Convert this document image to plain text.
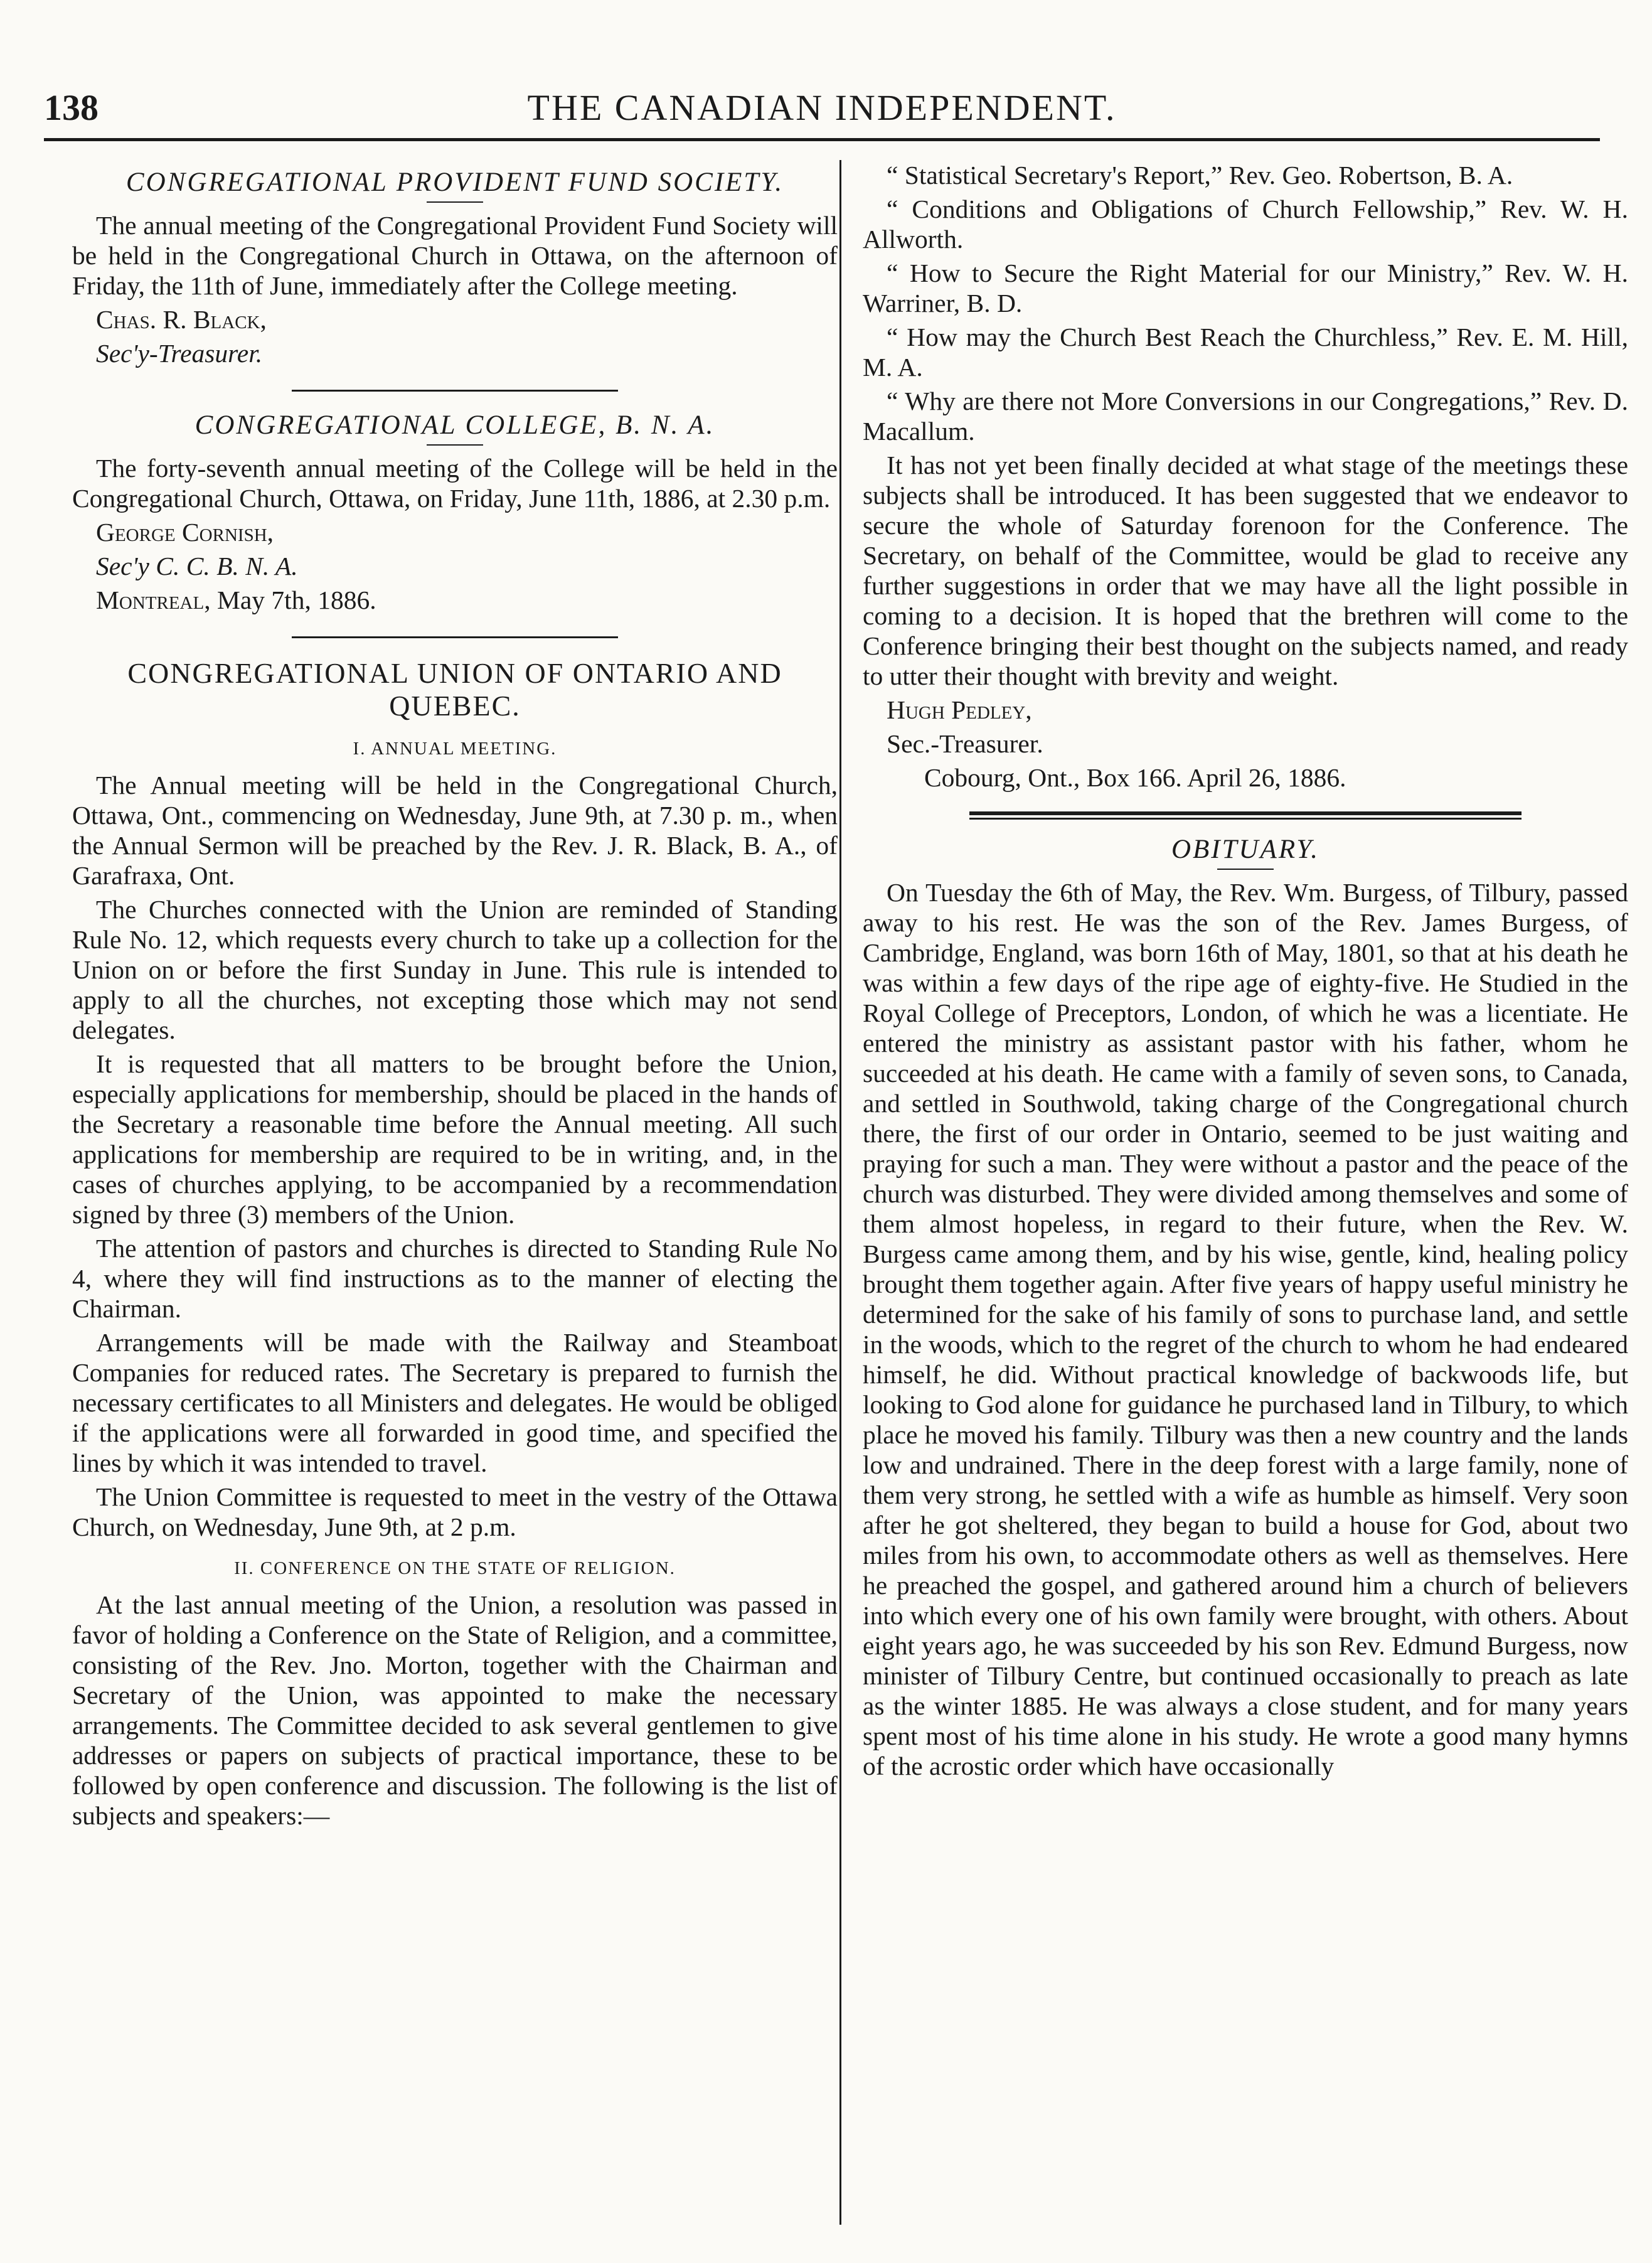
138	THE CANADIAN INDEPENDENT.
CONGREGATIONAL PROVIDENT FUND SOCIETY.

The annual meeting of the Congregational Provident Fund Society will be held in the Congregational Church in Ottawa, on the afternoon of Friday, the 11th of June, immediately after the College meeting.

Chas. R. Black,

Sec'y-Treasurer.

CONGREGATIONAL COLLEGE, B. N. A.

The forty-seventh annual meeting of the College will be held in the Congregational Church, Ottawa, on Friday, June 11th, 1886, at 2.30 p.m.

George Cornish,

Sec'y C. C. B. N. A.

Montreal, May 7th, 1886.

CONGREGATIONAL UNION OF ONTARIO AND QUEBEC.
I. ANNUAL MEETING.

The Annual meeting will be held in the Congregational Church, Ottawa, Ont., commencing on Wednesday, June 9th, at 7.30 p. m., when the Annual Sermon will be preached by the Rev. J. R. Black, B. A., of Garafraxa, Ont.

The Churches connected with the Union are reminded of Standing Rule No. 12, which requests every church to take up a collection for the Union on or before the first Sunday in June. This rule is intended to apply to all the churches, not excepting those which may not send delegates.

It is requested that all matters to be brought before the Union, especially applications for membership, should be placed in the hands of the Secretary a reasonable time before the Annual meeting. All such applications for membership are required to be in writing, and, in the cases of churches applying, to be accompanied by a recommendation signed by three (3) members of the Union.

The attention of pastors and churches is directed to Standing Rule No 4, where they will find instructions as to the manner of electing the Chairman.

Arrangements will be made with the Railway and Steamboat Companies for reduced rates. The Secretary is prepared to furnish the necessary certificates to all Ministers and delegates. He would be obliged if the applications were all forwarded in good time, and specified the lines by which it was intended to travel.

The Union Committee is requested to meet in the vestry of the Ottawa Church, on Wednesday, June 9th, at 2 p.m.

II. CONFERENCE ON THE STATE OF RELIGION.

At the last annual meeting of the Union, a resolution was passed in favor of holding a Conference on the State of Religion, and a committee, consisting of the Rev. Jno. Morton, together with the Chairman and Secretary of the Union, was appointed to make the necessary arrangements. The Committee decided to ask several gentlemen to give addresses or papers on subjects of practical importance, these to be followed by open conference and discussion. The following is the list of subjects and speakers:—

“ Statistical Secretary's Report,” Rev. Geo. Robertson, B. A.

“ Conditions and Obligations of Church Fellowship,” Rev. W. H. Allworth.

“ How to Secure the Right Material for our Ministry,” Rev. W. H. Warriner, B. D.

“ How may the Church Best Reach the Churchless,” Rev. E. M. Hill, M. A.

“ Why are there not More Conversions in our Congregations,” Rev. D. Macallum.

It has not yet been finally decided at what stage of the meetings these subjects shall be introduced. It has been suggested that we endeavor to secure the whole of Saturday forenoon for the Conference. The Secretary, on behalf of the Committee, would be glad to receive any further suggestions in order that we may have all the light possible in coming to a decision. It is hoped that the brethren will come to the Conference bringing their best thought on the subjects named, and ready to utter their thought with brevity and weight.

Hugh Pedley,

Sec.-Treasurer.

Cobourg, Ont., Box 166. April 26, 1886.

OBITUARY.

On Tuesday the 6th of May, the Rev. Wm. Burgess, of Tilbury, passed away to his rest. He was the son of the Rev. James Burgess, of Cambridge, England, was born 16th of May, 1801, so that at his death he was within a few days of the ripe age of eighty-five. He Studied in the Royal College of Preceptors, London, of which he was a licentiate. He entered the ministry as assistant pastor with his father, whom he succeeded at his death. He came with a family of seven sons, to Canada, and settled in Southwold, taking charge of the Congregational church there, the first of our order in Ontario, seemed to be just waiting and praying for such a man. They were without a pastor and the peace of the church was disturbed. They were divided among themselves and some of them almost hopeless, in regard to their future, when the Rev. W. Burgess came among them, and by his wise, gentle, kind, healing policy brought them together again. After five years of happy useful ministry he determined for the sake of his family of sons to purchase land, and settle in the woods, which to the regret of the church to whom he had endeared himself, he did. Without practical knowledge of backwoods life, but looking to God alone for guidance he purchased land in Tilbury, to which place he moved his family. Tilbury was then a new country and the lands low and undrained. There in the deep forest with a large family, none of them very strong, he settled with a wife as humble as himself. Very soon after he got sheltered, they began to build a house for God, about two miles from his own, to accommodate others as well as themselves. Here he preached the gospel, and gathered around him a church of believers into which every one of his own family were brought, with others. About eight years ago, he was succeeded by his son Rev. Edmund Burgess, now minister of Tilbury Centre, but continued occasionally to preach as late as the winter 1885. He was always a close student, and for many years spent most of his time alone in his study. He wrote a good many hymns of the acrostic order which have occasionally
